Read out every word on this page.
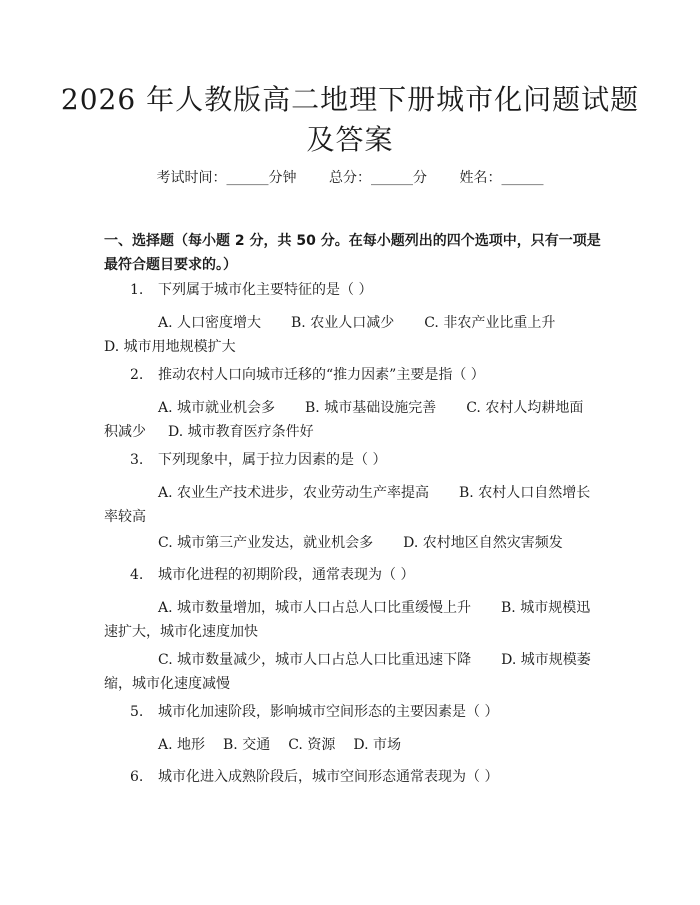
2026 年人教版高二地理下册城市化问题试题
及答案
考试时间：______分钟 总分：______分 姓名：______
一、选择题（每小题 2 分，共 50 分。在每小题列出的四个选项中，只有一项是最符合题目要求的。）
1. 下列属于城市化主要特征的是（ ）
A. 人口密度增大 B. 农业人口减少 C. 非农产业比重上升 D. 城市用地规模扩大
2. 推动农村人口向城市迁移的“推力因素”主要是指（ ）
A. 城市就业机会多 B. 城市基础设施完善 C. 农村人均耕地面积减少 D. 城市教育医疗条件好
3. 下列现象中，属于拉力因素的是（ ）
A. 农业生产技术进步，农业劳动生产率提高 B. 农村人口自然增长率较高
C. 城市第三产业发达，就业机会多 D. 农村地区自然灾害频发
4. 城市化进程的初期阶段，通常表现为（ ）
A. 城市数量增加，城市人口占总人口比重缓慢上升 B. 城市规模迅速扩大，城市化速度加快
C. 城市数量减少，城市人口占总人口比重迅速下降 D. 城市规模萎缩，城市化速度减慢
5. 城市化加速阶段，影响城市空间形态的主要因素是（ ）
A. 地形 B. 交通 C. 资源 D. 市场
6. 城市化进入成熟阶段后，城市空间形态通常表现为（ ）
